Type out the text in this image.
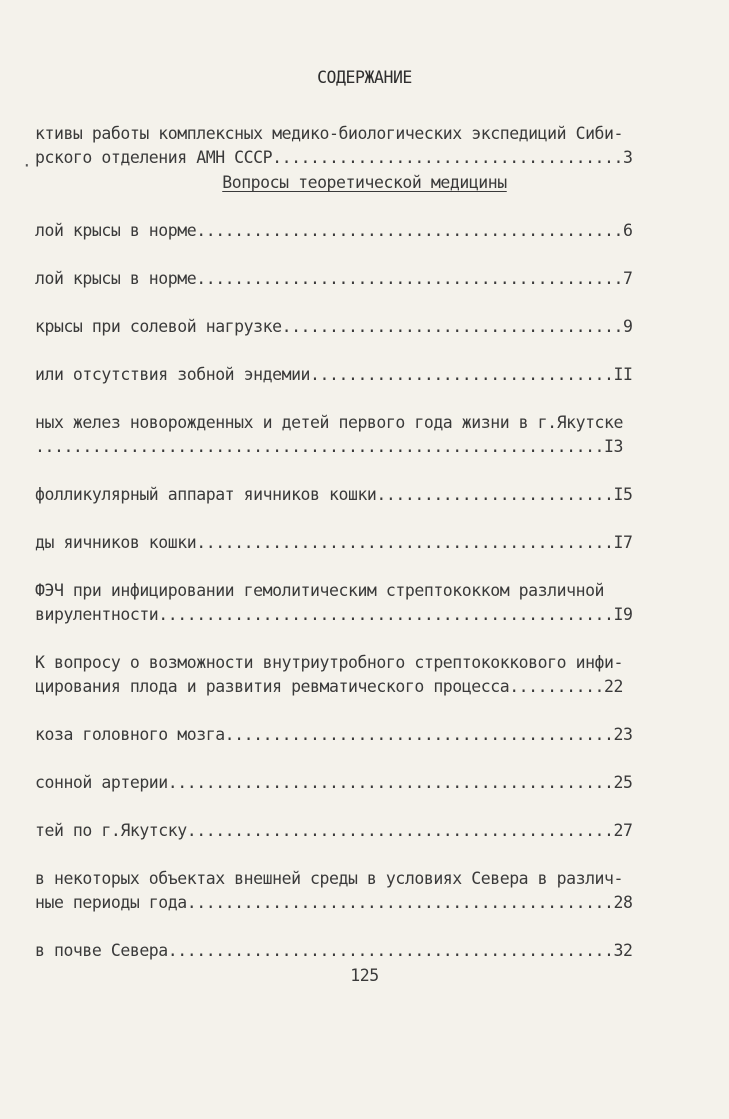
СОДЕРЖАНИЕ
·

ктивы работы комплексных медико-биологических экспедиций Сиби-
рского отделения АМН СССР.....................................3
Вопросы теоретической медицины

лой крысы в норме.............................................6

лой крысы в норме.............................................7

крысы при солевой нагрузке....................................9

или отсутствия зобной эндемии................................II

ных желез новорожденных и детей первого года жизни в г.Якутске
............................................................I3

фолликулярный аппарат яичников кошки.........................I5

ды яичников кошки............................................I7

ФЭЧ при инфицировании гемолитическим стрептококком различной
вирулентности................................................I9

К вопросу о возможности внутриутробного стрептококкового инфи-
цирования плода и развития ревматического процесса..........22

коза головного мозга.........................................23

сонной артерии...............................................25

тей по г.Якутску.............................................27

в некоторых объектах внешней среды в условиях Севера в различ-
ные периоды года.............................................28

в почве Севера...............................................32
125
